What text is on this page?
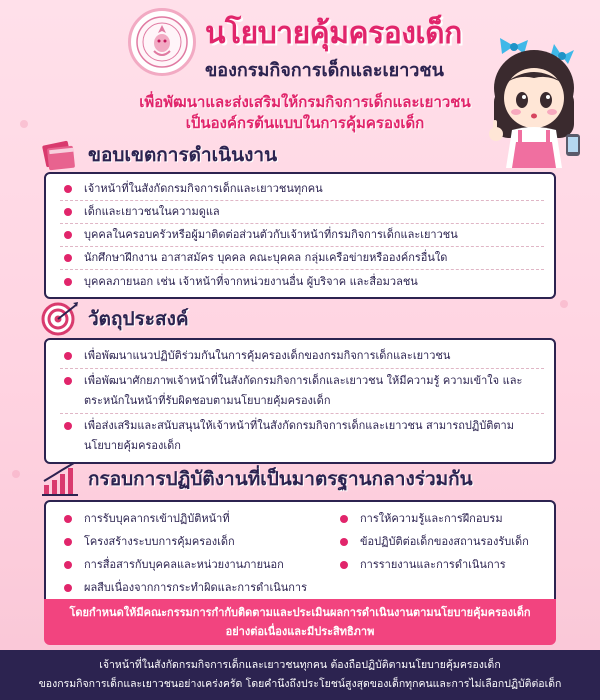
นโยบายคุ้มครองเด็ก
ของกรมกิจการเด็กและเยาวชน
เพื่อพัฒนาและส่งเสริมให้กรมกิจการเด็กและเยาวชน
เป็นองค์กรต้นแบบในการคุ้มครองเด็ก
ขอบเขตการดำเนินงาน
เจ้าหน้าที่ในสังกัดกรมกิจการเด็กและเยาวชนทุกคน
เด็กและเยาวชนในความดูแล
บุคคลในครอบครัวหรือผู้มาติดต่อส่วนตัวกับเจ้าหน้าที่กรมกิจการเด็กและเยาวชน
นักศึกษาฝึกงาน อาสาสมัคร บุคคล คณะบุคคล กลุ่มเครือข่ายหรือองค์กรอื่นใด
บุคคลภายนอก เช่น เจ้าหน้าที่จากหน่วยงานอื่น ผู้บริจาค และสื่อมวลชน
วัตถุประสงค์
เพื่อพัฒนาแนวปฏิบัติร่วมกันในการคุ้มครองเด็กของกรมกิจการเด็กและเยาวชน
เพื่อพัฒนาศักยภาพเจ้าหน้าที่ในสังกัดกรมกิจการเด็กและเยาวชน ให้มีความรู้ ความเข้าใจ และตระหนักในหน้าที่รับผิดชอบตามนโยบายคุ้มครองเด็ก
เพื่อส่งเสริมและสนับสนุนให้เจ้าหน้าที่ในสังกัดกรมกิจการเด็กและเยาวชน สามารถปฏิบัติตามนโยบายคุ้มครองเด็ก
กรอบการปฏิบัติงานที่เป็นมาตรฐานกลางร่วมกัน
การรับบุคลากรเข้าปฏิบัติหน้าที่	การให้ความรู้และการฝึกอบรม
โครงสร้างระบบการคุ้มครองเด็ก	ข้อปฏิบัติต่อเด็กของสถานรองรับเด็ก
การสื่อสารกับบุคคลและหน่วยงานภายนอก	การรายงานและการดำเนินการ
ผลสืบเนื่องจากการกระทำผิดและการดำเนินการ
โดยกำหนดให้มีคณะกรรมการกำกับติดตามและประเมินผลการดำเนินงานตามนโยบายคุ้มครองเด็ก
อย่างต่อเนื่องและมีประสิทธิภาพ
เจ้าหน้าที่ในสังกัดกรมกิจการเด็กและเยาวชนทุกคน ต้องถือปฏิบัติตามนโยบายคุ้มครองเด็ก
ของกรมกิจการเด็กและเยาวชนอย่างเคร่งครัด โดยคำนึงถึงประโยชน์สูงสุดของเด็กทุกคนและการไม่เลือกปฏิบัติต่อเด็ก
